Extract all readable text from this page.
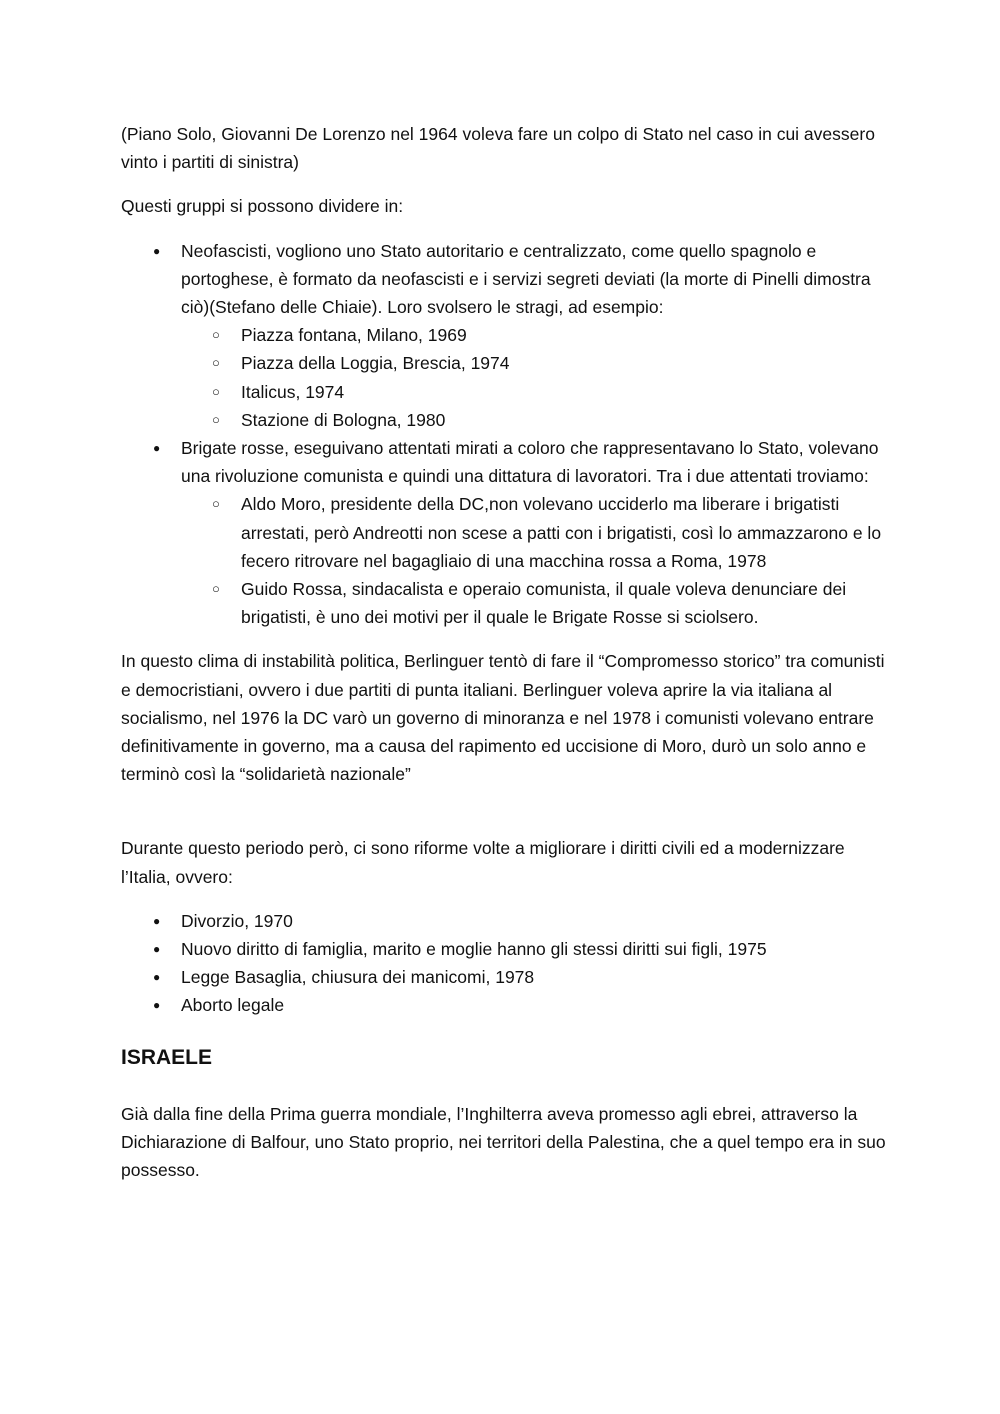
(Piano Solo, Giovanni De Lorenzo nel 1964 voleva fare un colpo di Stato nel caso in cui avessero vinto i partiti di sinistra)

Questi gruppi si possono dividere in:

● Neofascisti, vogliono uno Stato autoritario e centralizzato, come quello spagnolo e portoghese, è formato da neofascisti e i servizi segreti deviati (la morte di Pinelli dimostra ciò)(Stefano delle Chiaie). Loro svolsero le stragi, ad esempio:
○ Piazza fontana, Milano, 1969
○ Piazza della Loggia, Brescia, 1974
○ Italicus, 1974
○ Stazione di Bologna, 1980
● Brigate rosse, eseguivano attentati mirati a coloro che rappresentavano lo Stato, volevano una rivoluzione comunista e quindi una dittatura di lavoratori. Tra i due attentati troviamo:
○ Aldo Moro, presidente della DC,non volevano ucciderlo ma liberare i brigatisti arrestati, però Andreotti non scese a patti con i brigatisti, così lo ammazzarono e lo fecero ritrovare nel bagagliaio di una macchina rossa a Roma, 1978
○ Guido Rossa, sindacalista e operaio comunista, il quale voleva denunciare dei brigatisti, è uno dei motivi per il quale le Brigate Rosse si sciolsero.

In questo clima di instabilità politica, Berlinguer tentò di fare il “Compromesso storico” tra comunisti e democristiani, ovvero i due partiti di punta italiani. Berlinguer voleva aprire la via italiana al socialismo, nel 1976 la DC varò un governo di minoranza e nel 1978 i comunisti volevano entrare definitivamente in governo, ma a causa del rapimento ed uccisione di Moro, durò un solo anno e terminò così la “solidarietà nazionale”

Durante questo periodo però, ci sono riforme volte a migliorare i diritti civili ed a modernizzare l’Italia, ovvero:

● Divorzio, 1970
● Nuovo diritto di famiglia, marito e moglie hanno gli stessi diritti sui figli, 1975
● Legge Basaglia, chiusura dei manicomi, 1978
● Aborto legale
ISRAELE

Già dalla fine della Prima guerra mondiale, l’Inghilterra aveva promesso agli ebrei, attraverso la Dichiarazione di Balfour, uno Stato proprio, nei territori della Palestina, che a quel tempo era in suo possesso.
